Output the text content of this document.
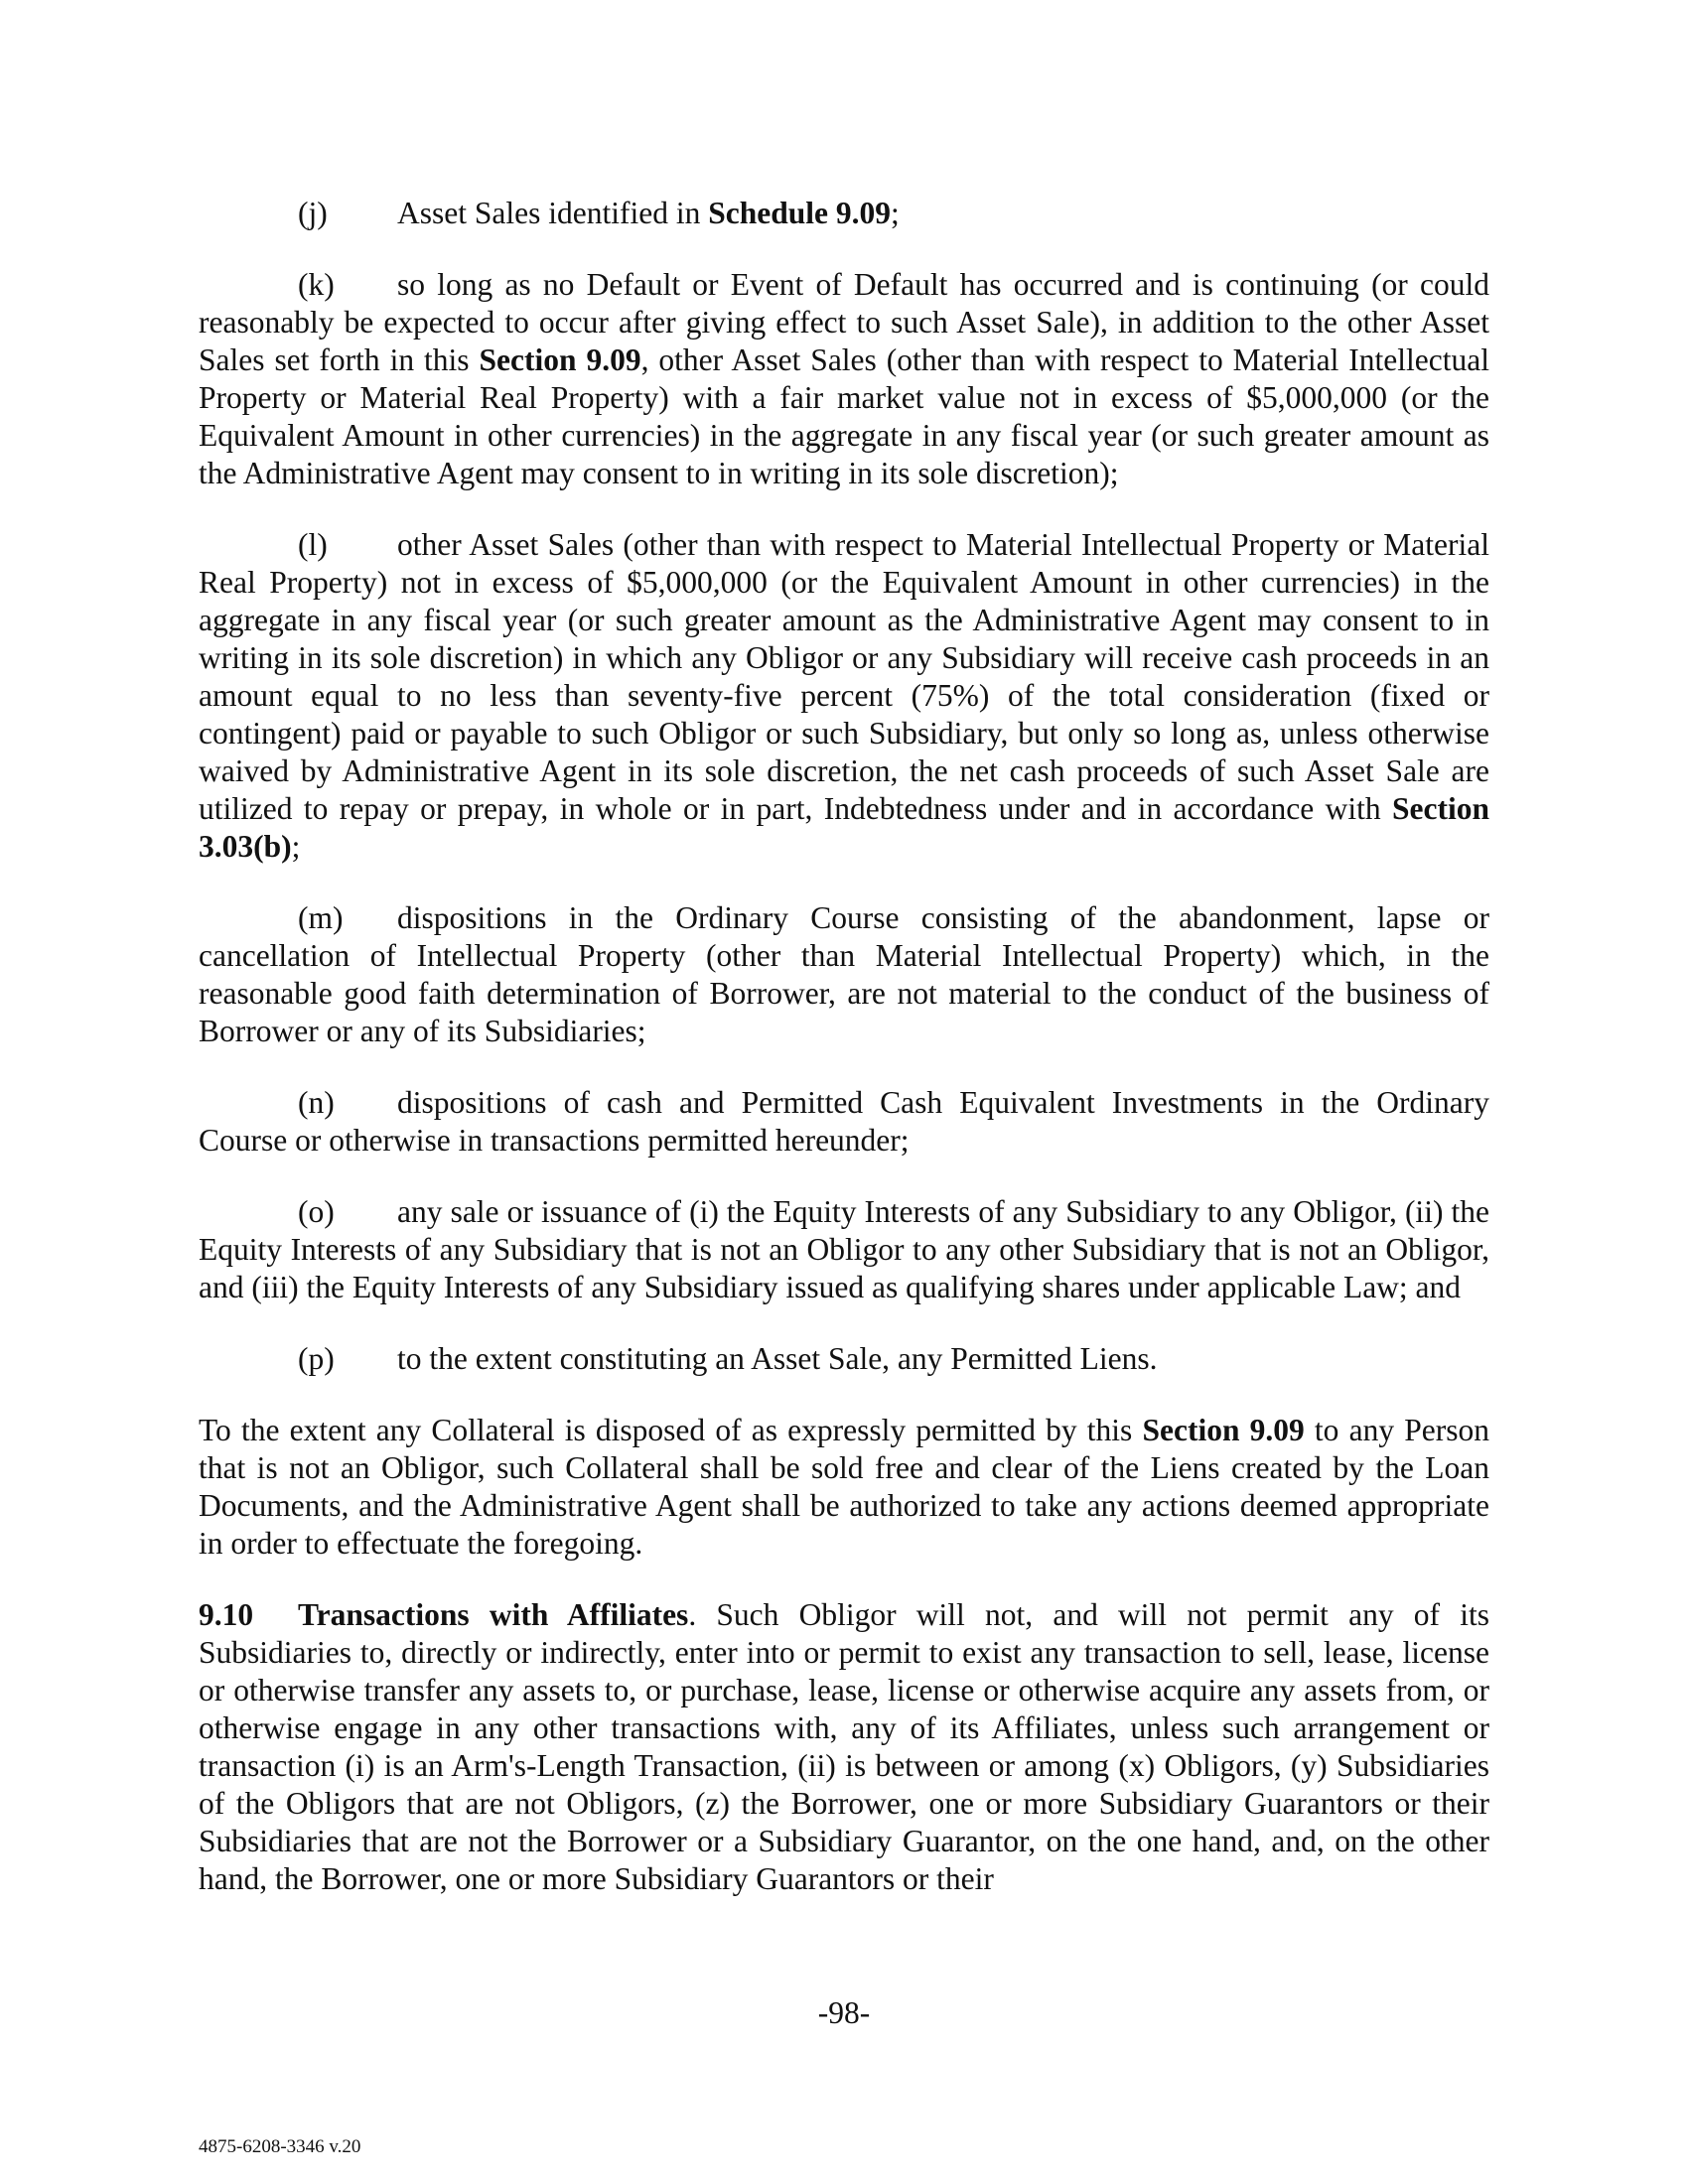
(j)	Asset Sales identified in Schedule 9.09;

(k) so long as no Default or Event of Default has occurred and is continuing (or could reasonably be expected to occur after giving effect to such Asset Sale), in addition to the other Asset Sales set forth in this Section 9.09, other Asset Sales (other than with respect to Material Intellectual Property or Material Real Property) with a fair market value not in excess of $5,000,000 (or the Equivalent Amount in other currencies) in the aggregate in any fiscal year (or such greater amount as the Administrative Agent may consent to in writing in its sole discretion);

(l) other Asset Sales (other than with respect to Material Intellectual Property or Material Real Property) not in excess of $5,000,000 (or the Equivalent Amount in other currencies) in the aggregate in any fiscal year (or such greater amount as the Administrative Agent may consent to in writing in its sole discretion) in which any Obligor or any Subsidiary will receive cash proceeds in an amount equal to no less than seventy-five percent (75%) of the total consideration (fixed or contingent) paid or payable to such Obligor or such Subsidiary, but only so long as, unless otherwise waived by Administrative Agent in its sole discretion, the net cash proceeds of such Asset Sale are utilized to repay or prepay, in whole or in part, Indebtedness under and in accordance with Section 3.03(b);

(m) dispositions in the Ordinary Course consisting of the abandonment, lapse or cancellation of Intellectual Property (other than Material Intellectual Property) which, in the reasonable good faith determination of Borrower, are not material to the conduct of the business of Borrower or any of its Subsidiaries;

(n) dispositions of cash and Permitted Cash Equivalent Investments in the Ordinary Course or otherwise in transactions permitted hereunder;

(o) any sale or issuance of (i) the Equity Interests of any Subsidiary to any Obligor, (ii) the Equity Interests of any Subsidiary that is not an Obligor to any other Subsidiary that is not an Obligor, and (iii) the Equity Interests of any Subsidiary issued as qualifying shares under applicable Law; and

(p)	to the extent constituting an Asset Sale, any Permitted Liens.

To the extent any Collateral is disposed of as expressly permitted by this Section 9.09 to any Person that is not an Obligor, such Collateral shall be sold free and clear of the Liens created by the Loan Documents, and the Administrative Agent shall be authorized to take any actions deemed appropriate in order to effectuate the foregoing.

9.10 Transactions with Affiliates. Such Obligor will not, and will not permit any of its Subsidiaries to, directly or indirectly, enter into or permit to exist any transaction to sell, lease, license or otherwise transfer any assets to, or purchase, lease, license or otherwise acquire any assets from, or otherwise engage in any other transactions with, any of its Affiliates, unless such arrangement or transaction (i) is an Arm's-Length Transaction, (ii) is between or among (x) Obligors, (y) Subsidiaries of the Obligors that are not Obligors, (z) the Borrower, one or more Subsidiary Guarantors or their Subsidiaries that are not the Borrower or a Subsidiary Guarantor, on the one hand, and, on the other hand, the Borrower, one or more Subsidiary Guarantors or their

-98-
4875-6208-3346 v.20
